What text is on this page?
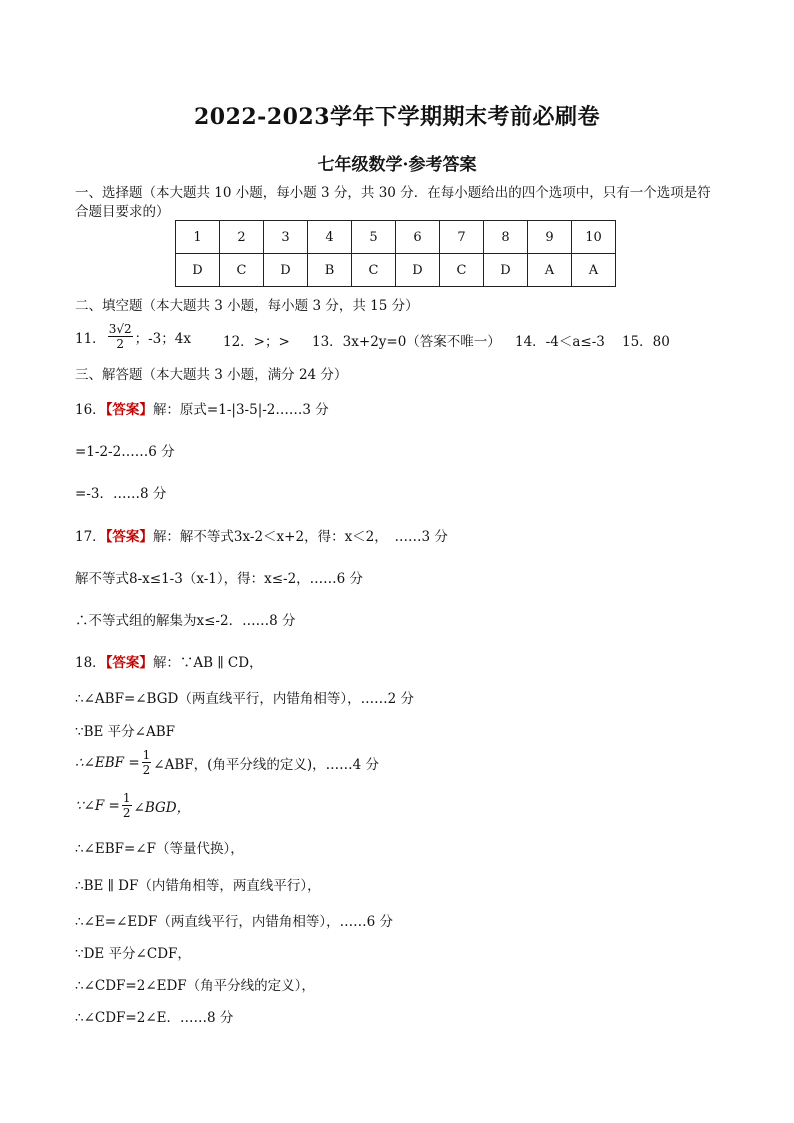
2022-2023学年下学期期末考前必刷卷
七年级数学·参考答案
一、选择题（本大题共 10 小题，每小题 3 分，共 30 分．在每小题给出的四个选项中，只有一个选项是符
合题目要求的）
1	2	3	4	5	6	7	8	9	10
D	C	D	B	C	D	C	D	A	A
二、填空题（本大题共 3 小题，每小题 3 分，共 15 分）
11． $\frac{3√2}{2}$ ；-3；4x 12．>；> 13．3x+2y=0（答案不唯一） 14．-4＜a≤-3 15．80
三、解答题（本大题共 3 小题，满分 24 分）
16．【答案】解：原式=1-|3-5|-2……3 分
=1-2-2……6 分
=-3．……8 分
17．【答案】解：解不等式3x-2＜x+2，得：x＜2，　……3 分
解不等式8-x≤1-3（x-1），得：x≤-2，……6 分
∴不等式组的解集为x≤-2．……8 分
18．【答案】解：∵AB ∥ CD，
∴∠ABF=∠BGD（两直线平行，内错角相等），……2 分
∵BE 平分∠ABF
∴∠EBF = $\frac{1}{2}$ ∠ABF，(角平分线的定义)，……4 分
∵∠F = $\frac{1}{2}$ ∠BGD，
∴∠EBF=∠F（等量代换），
∴BE ∥ DF（内错角相等，两直线平行），
∴∠E=∠EDF（两直线平行，内错角相等），……6 分
∵DE 平分∠CDF，
∴∠CDF=2∠EDF（角平分线的定义），
∴∠CDF=2∠E．……8 分
